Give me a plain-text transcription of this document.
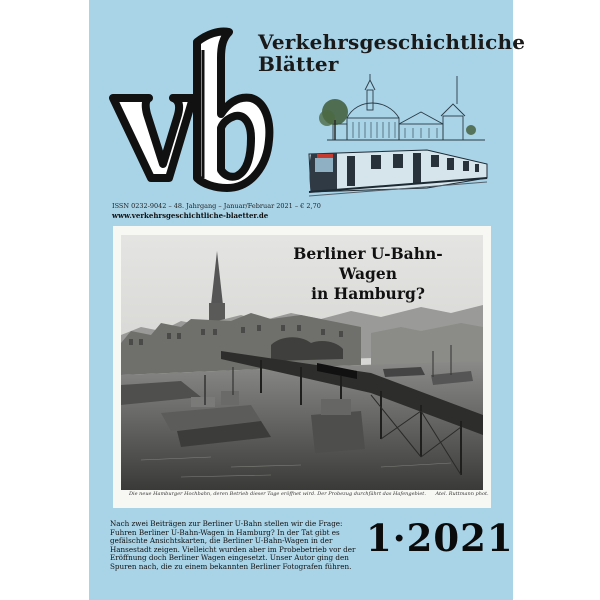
Verkehrsgeschichtliche
Blätter
ISSN 0232-9042 – 48. Jahrgang – Januar/Februar 2021 – € 2,70
www.verkehrsgeschichtliche-blaetter.de
Berliner U-Bahn-Wagen
in Hamburg?
Die neue Hamburger Hochbahn, deren Betrieb dieser Tage eröffnet wird. Der Probezug durchfährt das Hafengebiet. Atel. Ruttmann phot.
Nach zwei Beiträgen zur Berliner U-Bahn stellen wir die Frage: Fuhren Berliner U-Bahn-Wagen in Hamburg? In der Tat gibt es gefälschte Ansichtskarten, die Berliner U-Bahn-Wagen in der Hansestadt zeigen. Vielleicht wurden aber im Probebetrieb vor der Eröffnung doch Berliner Wagen eingesetzt. Unser Autor ging den Spuren nach, die zu einem bekannten Berliner Fotografen führen.
1·2021
